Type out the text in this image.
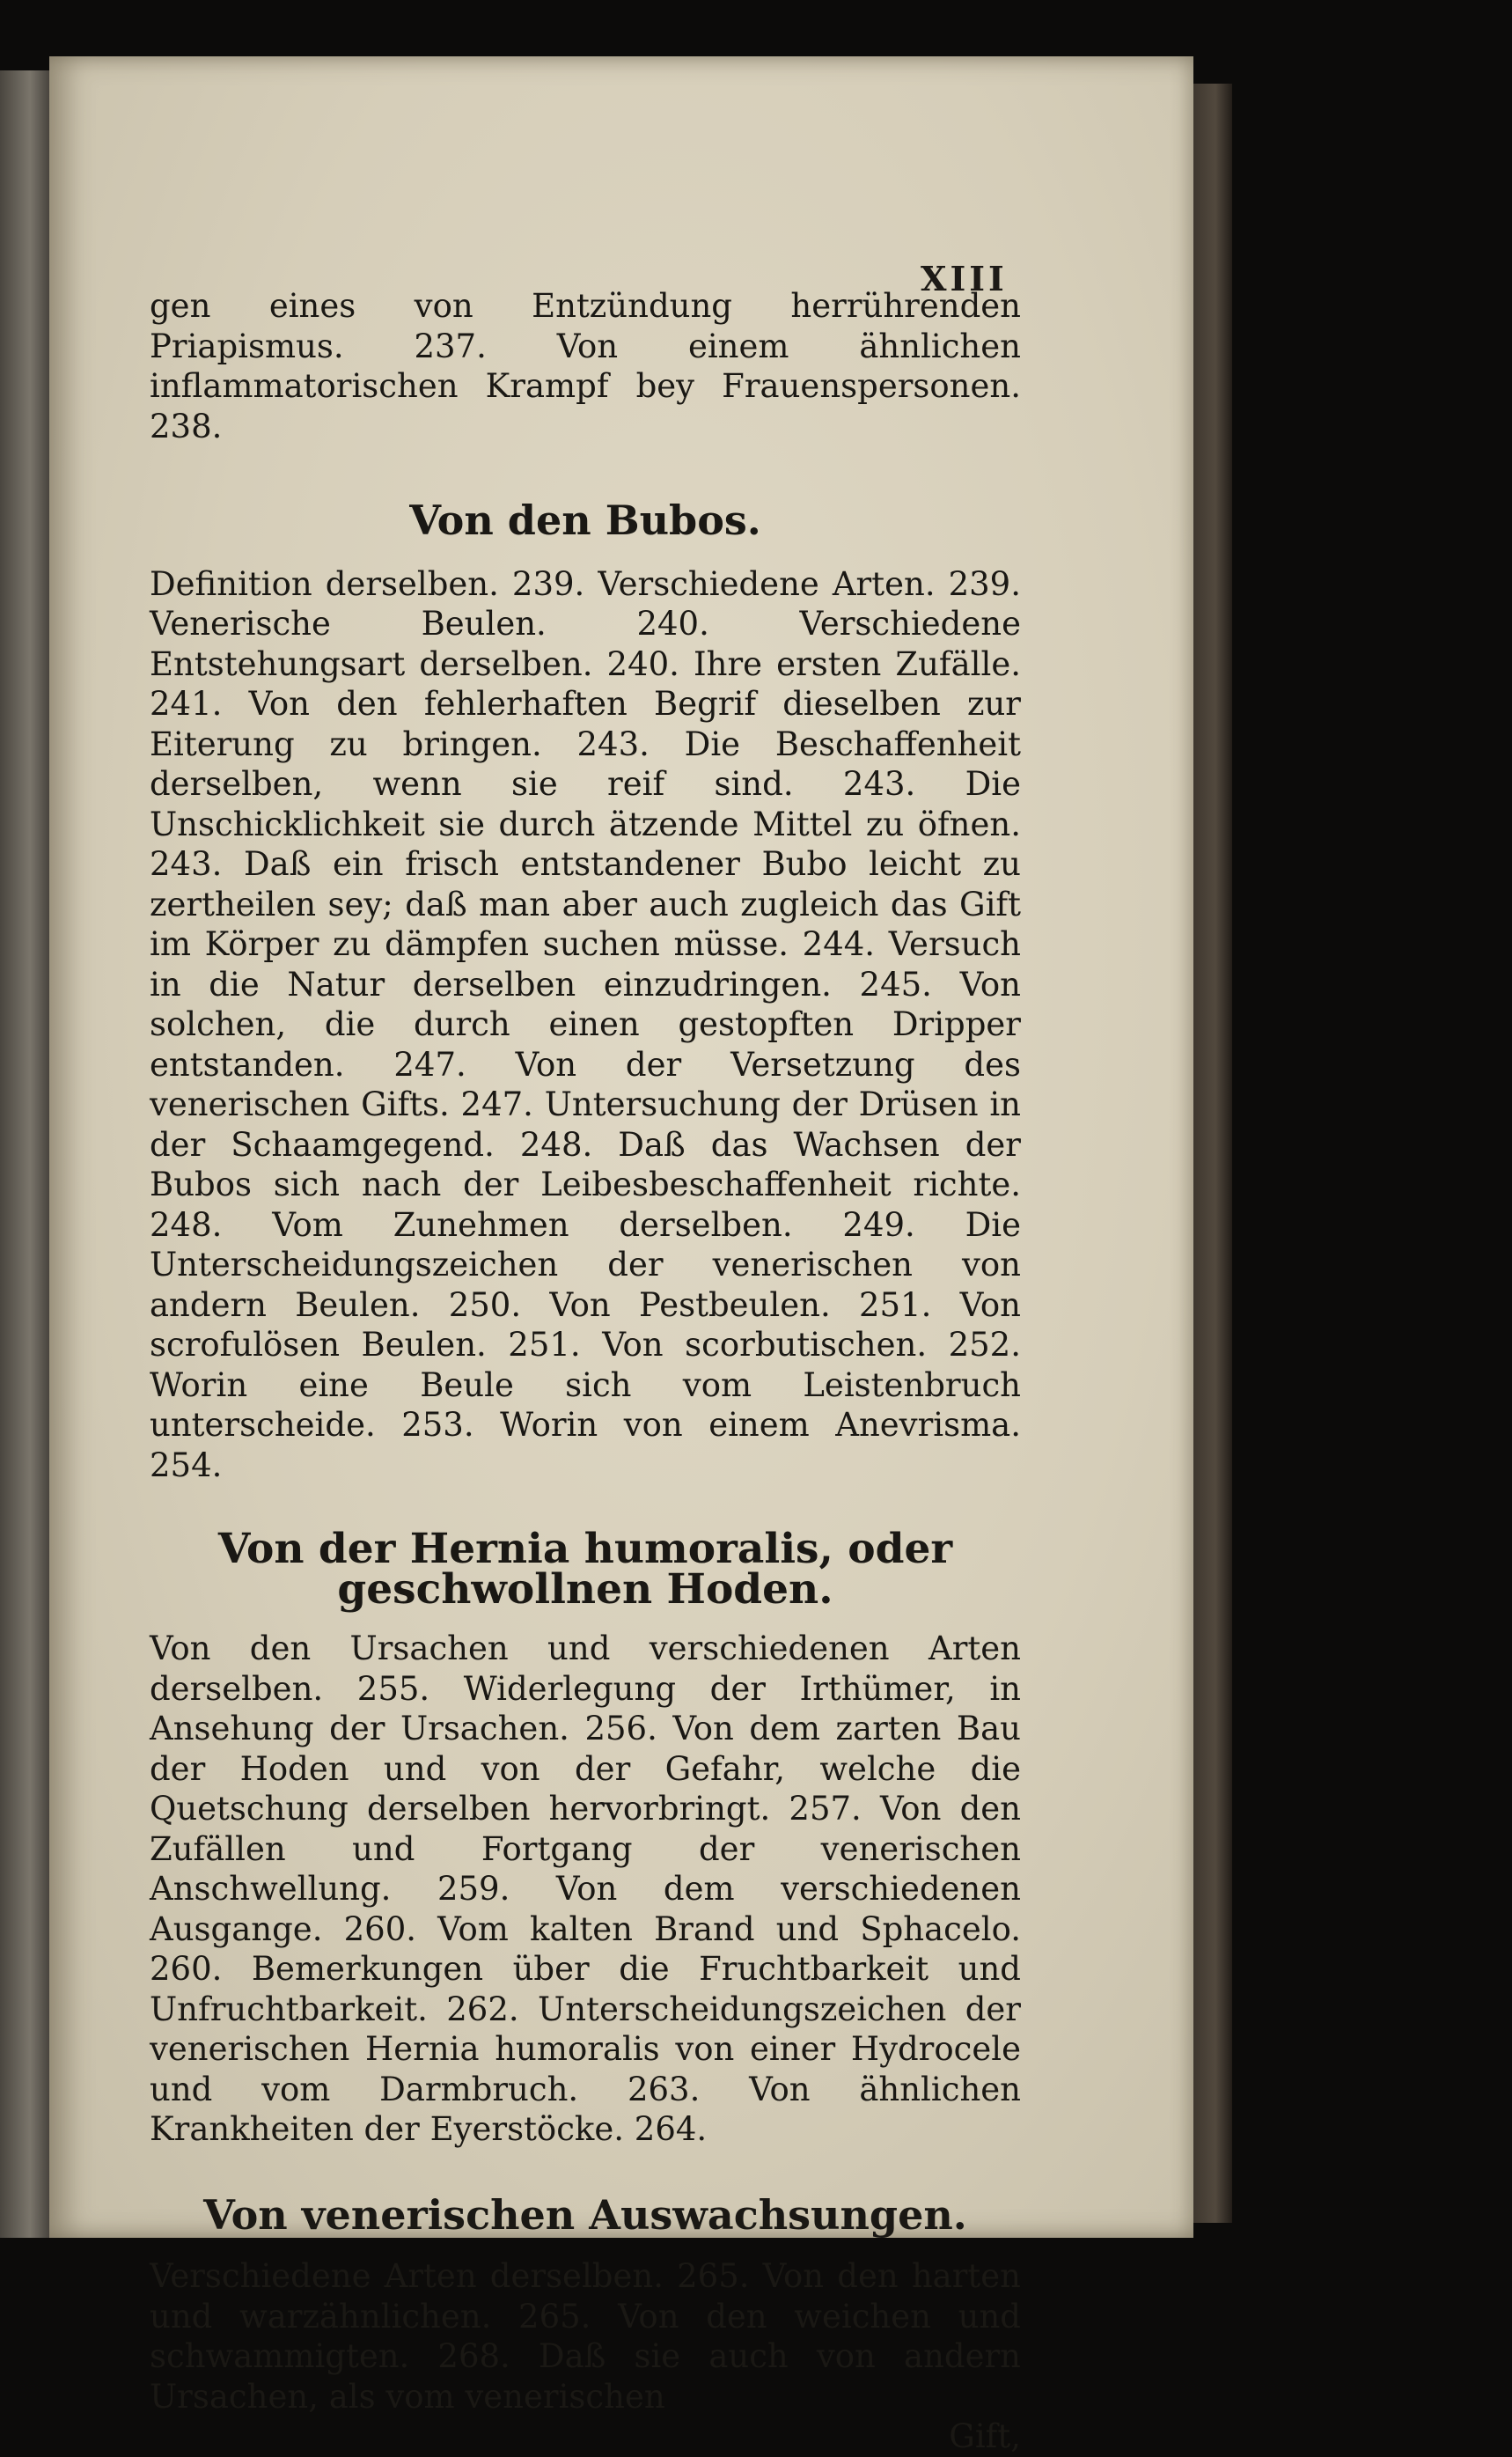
XIII

gen eines von Entzündung herrührenden Priapismus. 237. Von einem ähnlichen inflammatorischen Krampf bey Frauenspersonen. 238.

Von den Bubos.

Definition derselben. 239. Verschiedene Arten. 239. Venerische Beulen. 240. Verschiedene Entstehungsart derselben. 240. Ihre ersten Zufälle. 241. Von den fehlerhaften Begrif dieselben zur Eiterung zu bringen. 243. Die Beschaffenheit derselben, wenn sie reif sind. 243. Die Unschicklichkeit sie durch ätzende Mittel zu öfnen. 243. Daß ein frisch entstandener Bubo leicht zu zertheilen sey; daß man aber auch zugleich das Gift im Körper zu dämpfen suchen müsse. 244. Versuch in die Natur derselben einzudringen. 245. Von solchen, die durch einen gestopften Dripper entstanden. 247. Von der Versetzung des venerischen Gifts. 247. Untersuchung der Drüsen in der Schaamgegend. 248. Daß das Wachsen der Bubos sich nach der Leibesbeschaffenheit richte. 248. Vom Zunehmen derselben. 249. Die Unterscheidungszeichen der venerischen von andern Beulen. 250. Von Pestbeulen. 251. Von scrofulösen Beulen. 251. Von scorbutischen. 252. Worin eine Beule sich vom Leistenbruch unterscheide. 253. Worin von einem Anevrisma. 254.

Von der Hernia humoralis, oder geschwollnen Hoden.

Von den Ursachen und verschiedenen Arten derselben. 255. Widerlegung der Irthümer, in Ansehung der Ursachen. 256. Von dem zarten Bau der Hoden und von der Gefahr, welche die Quetschung derselben hervorbringt. 257. Von den Zufällen und Fortgang der venerischen Anschwellung. 259. Von dem verschiedenen Ausgange. 260. Vom kalten Brand und Sphacelo. 260. Bemerkungen über die Fruchtbarkeit und Unfruchtbarkeit. 262. Unterscheidungszeichen der venerischen Hernia humoralis von einer Hydrocele und vom Darmbruch. 263. Von ähnlichen Krankheiten der Eyerstöcke. 264.

Von venerischen Auswachsungen.

Verschiedene Arten derselben. 265. Von den harten und warzähnlichen. 265. Von den weichen und schwammigten. 268. Daß sie auch von andern Ursachen, als vom venerischen

Gift,
